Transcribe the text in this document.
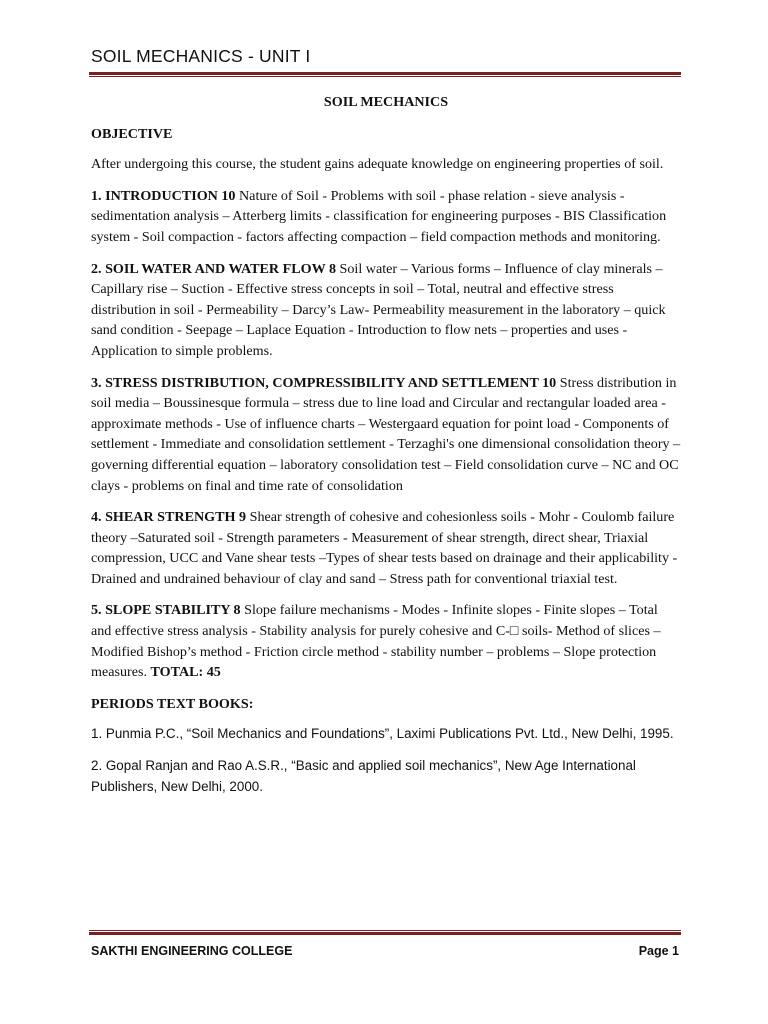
SOIL MECHANICS - UNIT I
SOIL MECHANICS
OBJECTIVE

After undergoing this course, the student gains adequate knowledge on engineering properties of soil.

1. INTRODUCTION 10 Nature of Soil - Problems with soil - phase relation - sieve analysis - sedimentation analysis – Atterberg limits - classification for engineering purposes - BIS Classification system - Soil compaction - factors affecting compaction – field compaction methods and monitoring.

2. SOIL WATER AND WATER FLOW 8 Soil water – Various forms – Influence of clay minerals – Capillary rise – Suction - Effective stress concepts in soil – Total, neutral and effective stress distribution in soil - Permeability – Darcy’s Law- Permeability measurement in the laboratory – quick sand condition - Seepage – Laplace Equation - Introduction to flow nets – properties and uses - Application to simple problems.

3. STRESS DISTRIBUTION, COMPRESSIBILITY AND SETTLEMENT 10 Stress distribution in soil media – Boussinesque formula – stress due to line load and Circular and rectangular loaded area - approximate methods - Use of influence charts – Westergaard equation for point load - Components of settlement - Immediate and consolidation settlement - Terzaghi's one dimensional consolidation theory – governing differential equation – laboratory consolidation test – Field consolidation curve – NC and OC clays - problems on final and time rate of consolidation

4. SHEAR STRENGTH 9 Shear strength of cohesive and cohesionless soils - Mohr - Coulomb failure theory –Saturated soil - Strength parameters - Measurement of shear strength, direct shear, Triaxial compression, UCC and Vane shear tests –Types of shear tests based on drainage and their applicability - Drained and undrained behaviour of clay and sand – Stress path for conventional triaxial test.

5. SLOPE STABILITY 8 Slope failure mechanisms - Modes - Infinite slopes - Finite slopes – Total and effective stress analysis - Stability analysis for purely cohesive and C-□ soils- Method of slices – Modified Bishop’s method - Friction circle method - stability number – problems – Slope protection measures. TOTAL: 45

PERIODS TEXT BOOKS:

1. Punmia P.C., “Soil Mechanics and Foundations”, Laximi Publications Pvt. Ltd., New Delhi, 1995.

2. Gopal Ranjan and Rao A.S.R., “Basic and applied soil mechanics”, New Age International Publishers, New Delhi, 2000.

SAKTHI ENGINEERING COLLEGE	Page 1
